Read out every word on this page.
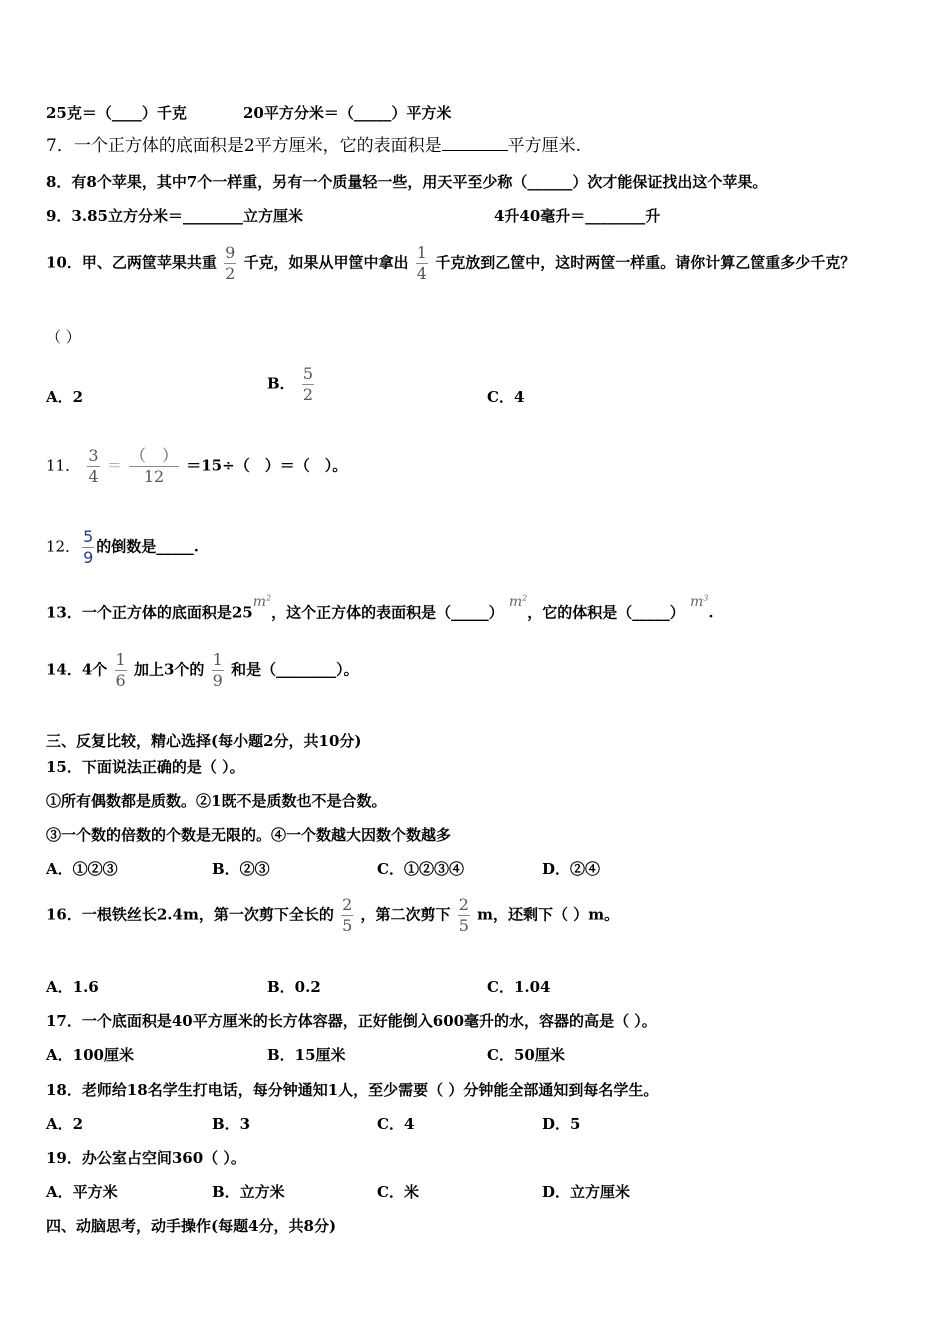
25克＝（____）千克	20平方分米＝（_____）平方米
7．一个正方体的底面积是2平方厘米，它的表面积是	平方厘米.
8．有8个苹果，其中7个一样重，另有一个质量轻一些，用天平至少称（______）次才能保证找出这个苹果。
9．3.85立方分米＝________立方厘米	4升40毫升＝________升
10．甲、乙两筐苹果共重 $\frac{9}{2}$ 千克，如果从甲筐中拿出 $\frac{1}{4}$ 千克放到乙筐中，这时两筐一样重。请你计算乙筐重多少千克？
（ ）
A．2
B． $\frac{5}{2}$	C．4
11． $\frac{3}{4} = \frac{( )}{12} =15\div$（　）＝（　）。
12． $\frac{5}{9}$ 的倒数是_____.
13．一个正方体的底面积是$25m^2$，这个正方体的表面积是（_____） $m^2$，它的体积是（_____） $m^3$.
14．4个 $\frac{1}{6}$ 加上3个的 $\frac{1}{9}$ 和是（________）。
三、反复比较，精心选择(每小题2分，共10分)
15．下面说法正确的是（ ）。
①所有偶数都是质数。②1既不是质数也不是合数。
③一个数的倍数的个数是无限的。④一个数越大因数个数越多
A．①②③	B．②③	C．①②③④	D．②④
16．一根铁丝长2.4m，第一次剪下全长的 $\frac{2}{5}$ ，第二次剪下 $\frac{2}{5}$ m，还剩下（ ）m。
A．1.6	B．0.2	C．1.04
17．一个底面积是40平方厘米的长方体容器，正好能倒入600毫升的水，容器的高是（ ）。
A．100厘米	B．15厘米	C．50厘米
18．老师给18名学生打电话，每分钟通知1人，至少需要（ ）分钟能全部通知到每名学生。
A．2	B．3	C．4	D．5
19．办公室占空间360（ ）。
A．平方米	B．立方米	C．米	D．立方厘米
四、动脑思考，动手操作(每题4分，共8分)
